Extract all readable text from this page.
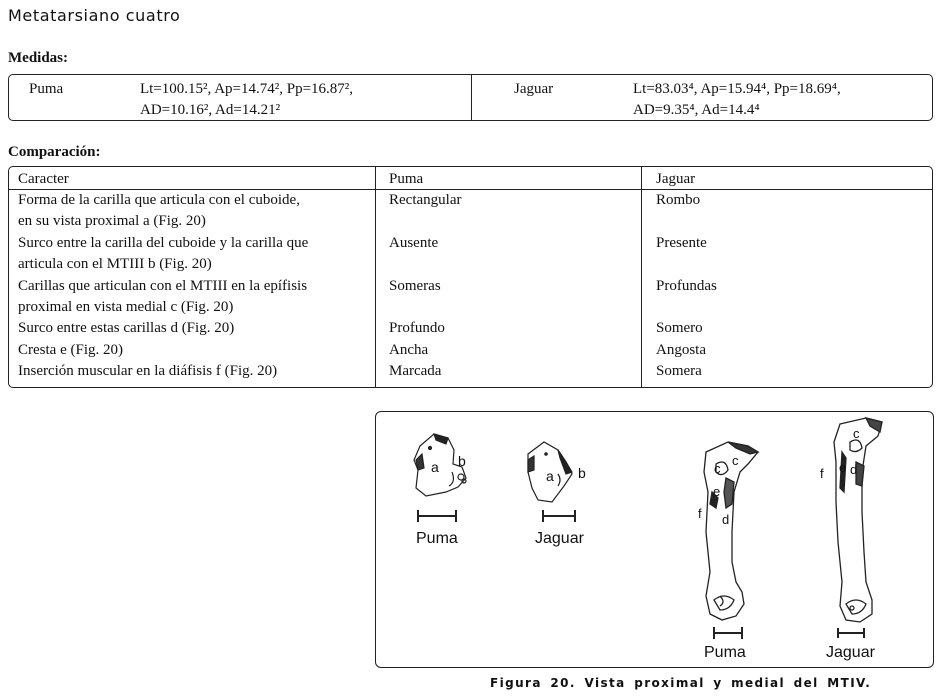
Metatarsiano cuatro
Medidas:
Puma	Lt=100.15², Ap=14.74², Pp=16.87²,
AD=10.16², Ad=14.21²
Jaguar	Lt=83.03⁴, Ap=15.94⁴, Pp=18.69⁴,
AD=9.35⁴, Ad=14.4⁴
Comparación:
Caracter	Puma	Jaguar
Forma de la carilla que articula con el cuboide,
en su vista proximal a (Fig. 20)
Rectangular	Rombo
Surco entre la carilla del cuboide y la carilla que
articula con el MTIII b (Fig. 20)
Ausente	Presente
Carillas que articulan con el MTIII en la epífisis
proximal en vista medial c (Fig. 20)
Someras	Profundas
Surco entre estas carillas d (Fig. 20)	Profundo	Somero
Cresta e (Fig. 20)	Ancha	Angosta
Inserción muscular en la diáfisis f (Fig. 20)	Marcada	Somera
a b
a b	c
c
e
d
f
c
e d
f
Puma	Jaguar
Puma	Jaguar
Figura 20. Vista proximal y medial del MTIV.
